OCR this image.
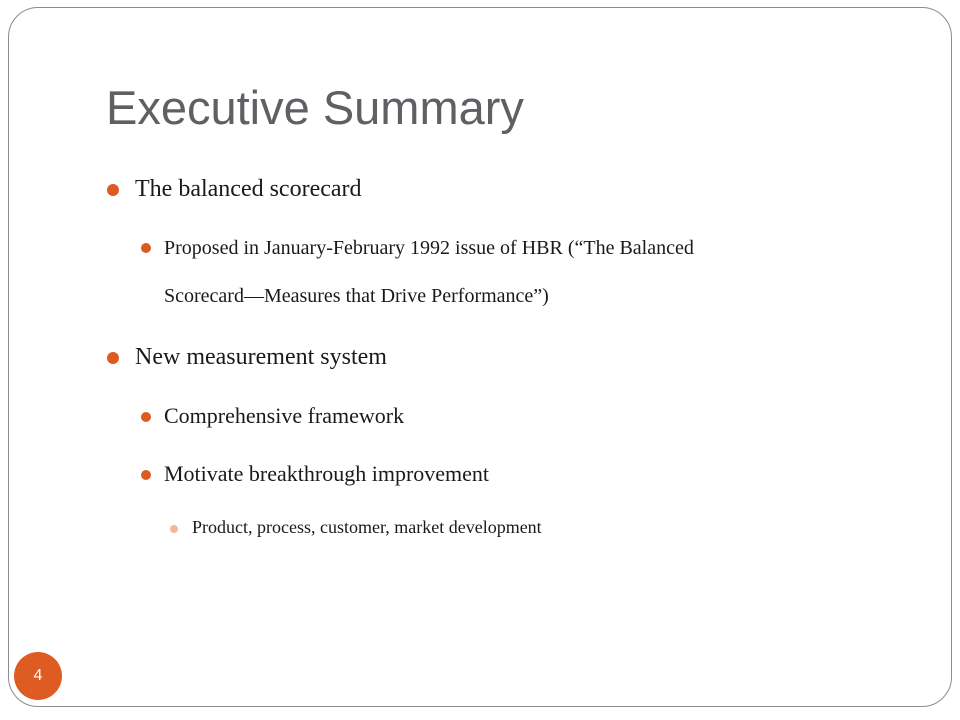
Executive Summary
The balanced scorecard
Proposed in January-February 1992 issue of HBR (“The Balanced
Scorecard—Measures that Drive Performance”)
New measurement system
Comprehensive framework
Motivate breakthrough improvement
Product, process, customer, market development
4
